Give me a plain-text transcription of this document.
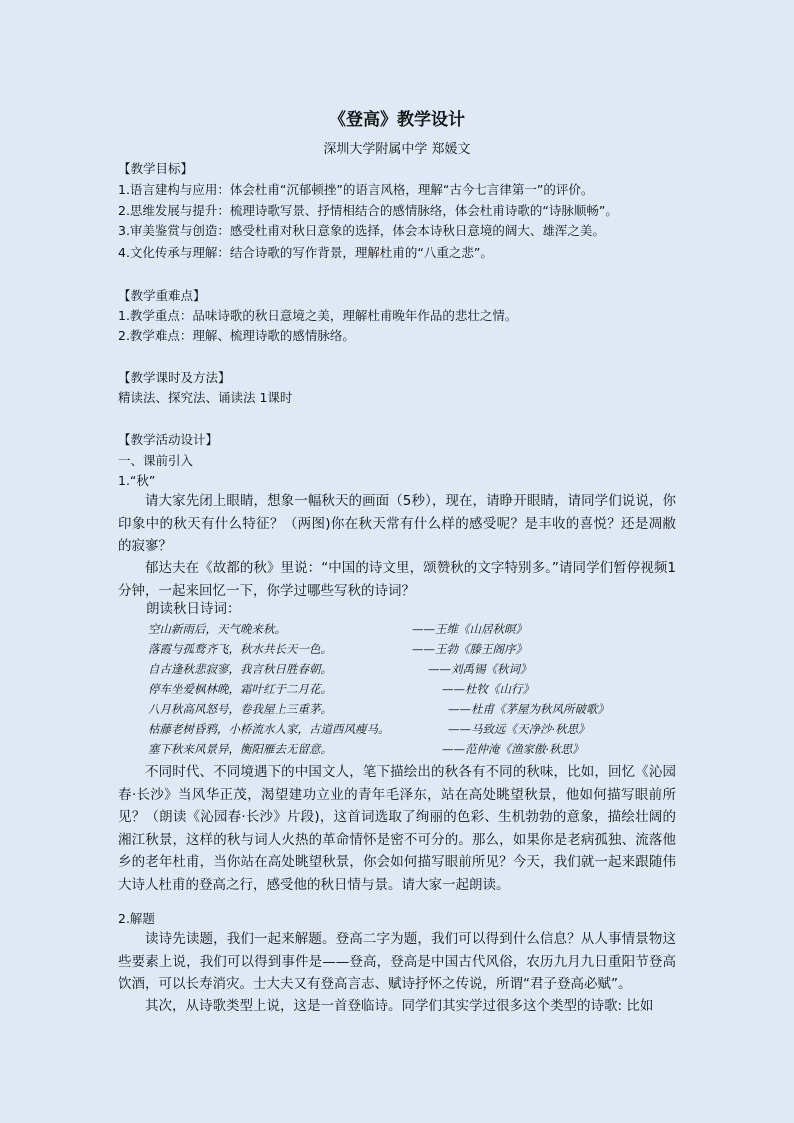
《登高》教学设计
深圳大学附属中学 郑媛文
【教学目标】
1.语言建构与应用：体会杜甫“沉郁顿挫”的语言风格，理解“古今七言律第一”的评价。
2.思维发展与提升：梳理诗歌写景、抒情相结合的感情脉络，体会杜甫诗歌的“诗脉顺畅”。
3.审美鉴赏与创造：感受杜甫对秋日意象的选择，体会本诗秋日意境的阔大、雄浑之美。
4.文化传承与理解：结合诗歌的写作背景，理解杜甫的“八重之悲”。
【教学重难点】
1.教学重点：品味诗歌的秋日意境之美，理解杜甫晚年作品的悲壮之情。
2.教学难点：理解、梳理诗歌的感情脉络。
【教学课时及方法】
精读法、探究法、诵读法 1课时
【教学活动设计】
一、课前引入
1.“秋”
请大家先闭上眼睛，想象一幅秋天的画面（5秒），现在，请睁开眼睛，请同学们说说，你印象中的秋天有什么特征？（两图)你在秋天常有什么样的感受呢？是丰收的喜悦？还是凋敝的寂寥？
郁达夫在《故都的秋》里说：“中国的诗文里，颂赞秋的文字特别多。”请同学们暂停视频1分钟，一起来回忆一下，你学过哪些写秋的诗词？
朗读秋日诗词：
空山新雨后，天气晚来秋。	——王维《山居秋暝》
落霞与孤鹜齐飞，秋水共长天一色。	——王勃《滕王阁序》
自古逢秋悲寂寥，我言秋日胜春朝。	——刘禹锡《秋词》
停车坐爱枫林晚，霜叶红于二月花。	——杜牧《山行》
八月秋高风怒号，卷我屋上三重茅。	——杜甫《茅屋为秋风所破歌》
枯藤老树昏鸦，小桥流水人家，古道西风瘦马。	——马致远《天净沙·秋思》
塞下秋来风景异，衡阳雁去无留意。	——范仲淹《渔家傲·秋思》
不同时代、不同境遇下的中国文人，笔下描绘出的秋各有不同的秋味，比如，回忆《沁园春·长沙》当风华正茂，渴望建功立业的青年毛泽东，站在高处眺望秋景，他如何描写眼前所见？（朗读《沁园春·长沙》片段)，这首词选取了绚丽的色彩、生机勃勃的意象，描绘壮阔的湘江秋景，这样的秋与词人火热的革命情怀是密不可分的。那么，如果你是老病孤独、流落他乡的老年杜甫，当你站在高处眺望秋景，你会如何描写眼前所见？今天，我们就一起来跟随伟大诗人杜甫的登高之行，感受他的秋日情与景。请大家一起朗读。
2.解题
读诗先读题，我们一起来解题。登高二字为题，我们可以得到什么信息？从人事情景物这些要素上说，我们可以得到事件是——登高，登高是中国古代风俗，农历九月九日重阳节登高饮酒，可以长寿消灾。士大夫又有登高言志、赋诗抒怀之传说，所谓“君子登高必赋”。
其次，从诗歌类型上说，这是一首登临诗。同学们其实学过很多这个类型的诗歌: 比如
